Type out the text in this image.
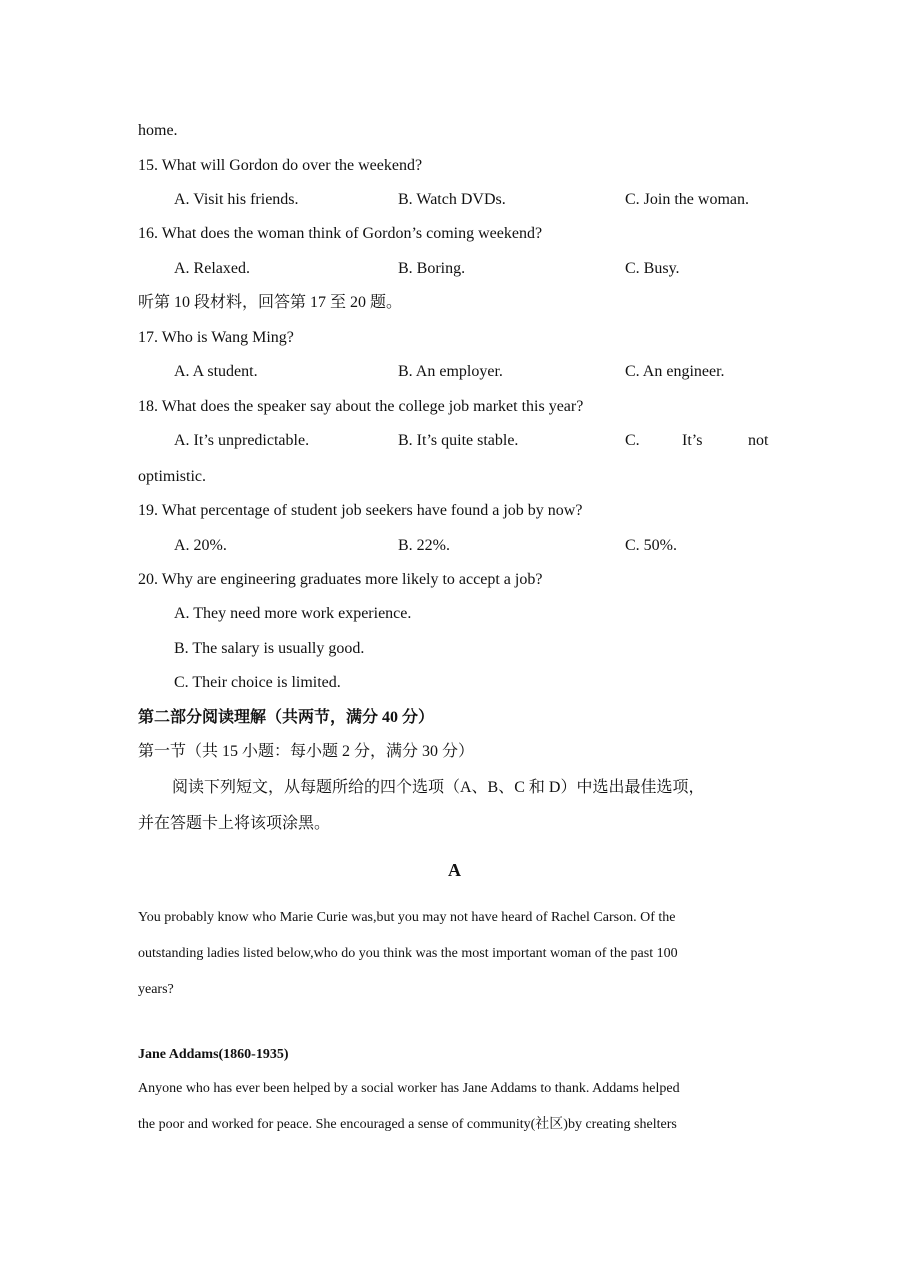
home.
15. What will Gordon do over the weekend?
A. Visit his friends.	B. Watch DVDs.	C. Join the woman.
16. What does the woman think of Gordon’s coming weekend?
A. Relaxed.	B. Boring.	C. Busy.
听第 10 段材料，回答第 17 至 20 题。
17. Who is Wang Ming?
A. A student.	B. An employer.	C. An engineer.
18. What does the speaker say about the college job market this year?
A. It’s unpredictable.	B. It’s quite stable.	C.	It’s	not
optimistic.
19. What percentage of student job seekers have found a job by now?
A. 20%.	B. 22%.	C. 50%.
20. Why are engineering graduates more likely to accept a job?
A. They need more work experience.
B. The salary is usually good.
C. Their choice is limited.
第二部分阅读理解（共两节，满分 40 分）
第一节（共 15 小题：每小题 2 分，满分 30 分）
阅读下列短文，从每题所给的四个选项（A、B、C 和 D）中选出最佳选项，
并在答题卡上将该项涂黑。
A
You probably know who Marie Curie was,but you may not have heard of Rachel Carson. Of the
outstanding ladies listed below,who do you think was the most important woman of the past 100
years?
Jane Addams(1860-1935)
Anyone who has ever been helped by a social worker has Jane Addams to thank. Addams helped
the poor and worked for peace. She encouraged a sense of community(社区)by creating shelters
